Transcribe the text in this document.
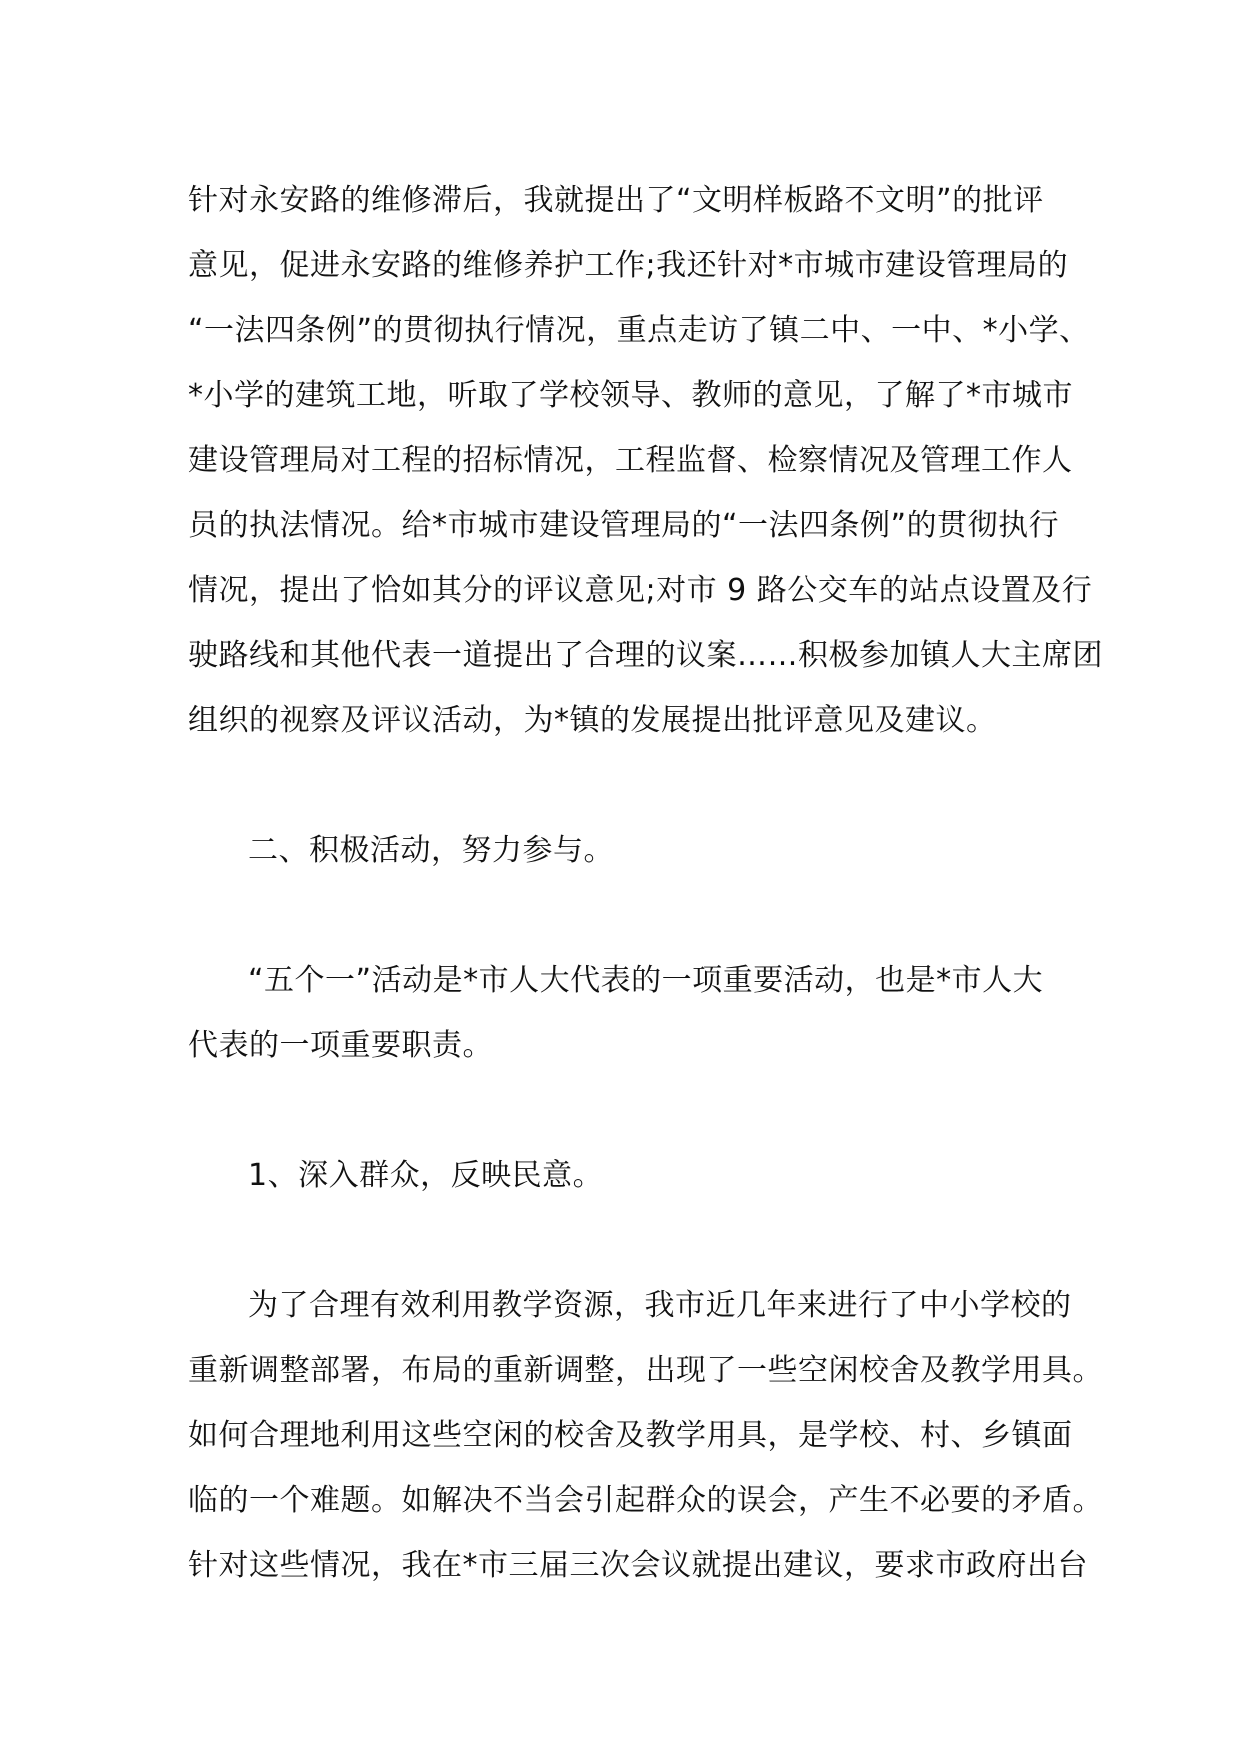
针对永安路的维修滞后，我就提出了“文明样板路不文明”的批评
意见，促进永安路的维修养护工作;我还针对*市城市建设管理局的
“一法四条例”的贯彻执行情况，重点走访了镇二中、一中、*小学、
*小学的建筑工地，听取了学校领导、教师的意见，了解了*市城市
建设管理局对工程的招标情况，工程监督、检察情况及管理工作人
员的执法情况。给*市城市建设管理局的“一法四条例”的贯彻执行
情况，提出了恰如其分的评议意见;对市 9 路公交车的站点设置及行
驶路线和其他代表一道提出了合理的议案……积极参加镇人大主席团
组织的视察及评议活动，为*镇的发展提出批评意见及建议。
二、积极活动，努力参与。
“五个一”活动是*市人大代表的一项重要活动，也是*市人大
代表的一项重要职责。
1、深入群众，反映民意。
为了合理有效利用教学资源，我市近几年来进行了中小学校的
重新调整部署，布局的重新调整，出现了一些空闲校舍及教学用具。
如何合理地利用这些空闲的校舍及教学用具，是学校、村、乡镇面
临的一个难题。如解决不当会引起群众的误会，产生不必要的矛盾。
针对这些情况，我在*市三届三次会议就提出建议，要求市政府出台
